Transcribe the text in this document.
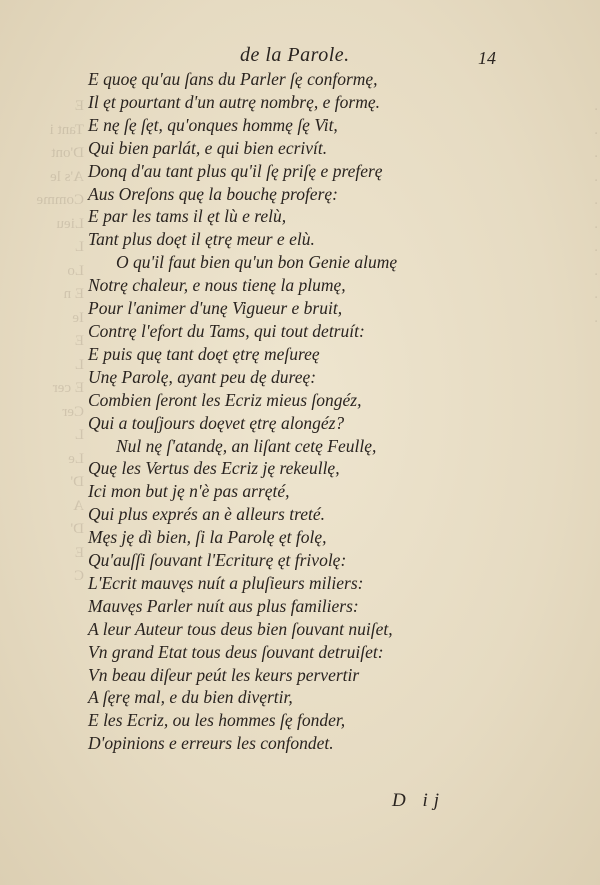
E
Tant i
D'ont
A's le
Comme
Lieu
L
Lo
E n
Ie
E
L
E cer
Cer
L
Le
D'
A
D'
E
C
.
.
.
.
.
.
.
.
.
.
de la Parole.	14
E quoę qu'au ſans du Parler ſę conformę,
Il ęt pourtant d'un autrę nombrę, e formę.
E nę ſę ſęt, qu'onques hommę ſę Vit,
Qui bien parlát, e qui bien ecrivít.
Donq d'au tant plus qu'il ſę priſę e preferę
Aus Oreſons quę la bouchę proferę:
E par les tams il ęt lù e relù,
Tant plus doęt il ętrę meur e elù.
O qu'il faut bien qu'un bon Genie alumę
Notrę chaleur, e nous tienę la plumę,
Pour l'animer d'unę Vigueur e bruit,
Contrę l'efort du Tams, qui tout detruít:
E puis quę tant doęt ętrę meſureę
Unę Parolę, ayant peu dę dureę:
Combien ſeront les Ecriz mieus ſongéz,
Qui a touſjours doęvet ętrę alongéz?
Nul nę ſ'atandę, an liſant cetę Feullę,
Quę les Vertus des Ecriz ję rekeullę,
Ici mon but ję n'è pas arręté,
Qui plus exprés an è alleurs treté.
Męs ję dì bien, ſi la Parolę ęt folę,
Qu'auſſi ſouvant l'Ecriturę ęt frivolę:
L'Ecrit mauvęs nuít a pluſieurs miliers:
Mauvęs Parler nuít aus plus familiers:
A leur Auteur tous deus bien ſouvant nuiſet,
Vn grand Etat tous deus ſouvant detruiſet:
Vn beau diſeur peút les keurs pervertir
A ſęrę mal, e du bien divęrtir,
E les Ecriz, ou les hommes ſę fonder,
D'opinions e erreurs les confondet.
D ij
